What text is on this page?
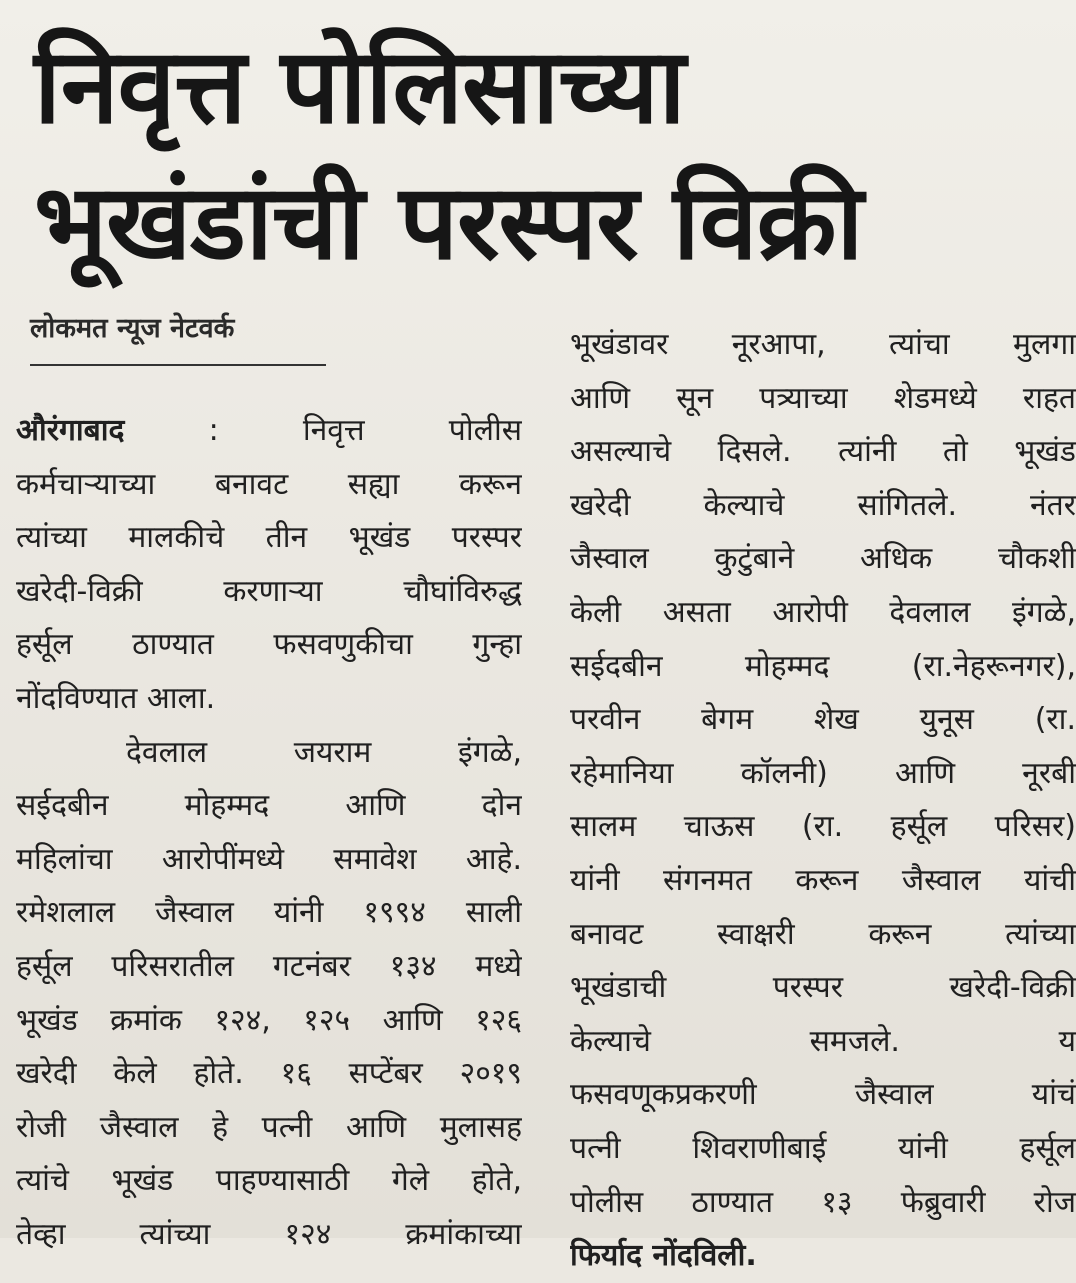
निवृत्त पोलिसाच्या
भूखंडांची परस्पर विक्री
लोकमत न्यूज नेटवर्क
औरंगाबाद : निवृत्त पोलीस
कर्मचाऱ्याच्या बनावट सह्या करून
त्यांच्या मालकीचे तीन भूखंड परस्पर
खरेदी-विक्री करणाऱ्या चौघांविरुद्ध
हर्सूल ठाण्यात फसवणुकीचा गुन्हा
नोंदविण्यात आला.
देवलाल जयराम इंगळे,
सईदबीन मोहम्मद आणि दोन
महिलांचा आरोपींमध्ये समावेश आहे.
रमेशलाल जैस्वाल यांनी १९९४ साली
हर्सूल परिसरातील गटनंबर १३४ मध्ये
भूखंड क्रमांक १२४, १२५ आणि १२६
खरेदी केले होते. १६ सप्टेंबर २०१९
रोजी जैस्वाल हे पत्नी आणि मुलासह
त्यांचे भूखंड पाहण्यासाठी गेले होते,
तेव्हा त्यांच्या १२४ क्रमांकाच्या
भूखंडावर नूरआपा, त्यांचा मुलगा
आणि सून पत्र्याच्या शेडमध्ये राहत
असल्याचे दिसले. त्यांनी तो भूखंड
खरेदी केल्याचे सांगितले. नंतर
जैस्वाल कुटुंबाने अधिक चौकशी
केली असता आरोपी देवलाल इंगळे,
सईदबीन मोहम्मद (रा.नेहरूनगर),
परवीन बेगम शेख युनूस (रा.
रहेमानिया कॉलनी) आणि नूरबी
सालम चाऊस (रा. हर्सूल परिसर)
यांनी संगनमत करून जैस्वाल यांची
बनावट स्वाक्षरी करून त्यांच्या
भूखंडाची परस्पर खरेदी-विक्री
केल्याचे समजले. य
फसवणूकप्रकरणी जैस्वाल यांचं
पत्नी शिवराणीबाई यांनी हर्सूल
पोलीस ठाण्यात १३ फेब्रुवारी रोज
फिर्याद नोंदविली.
